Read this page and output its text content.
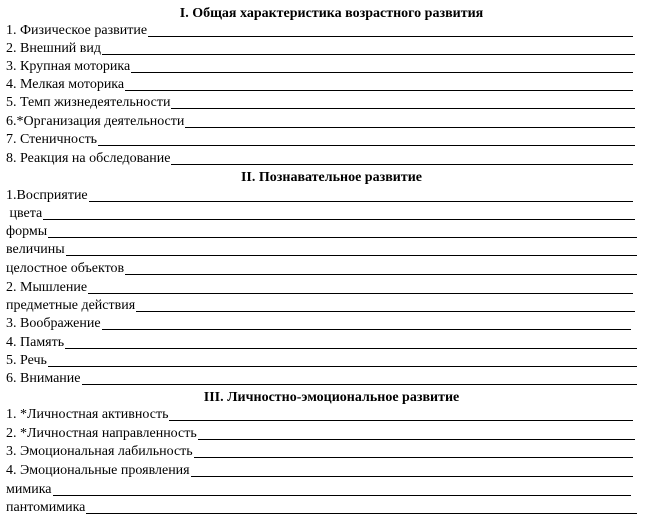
I. Общая характеристика возрастного развития
1. Физическое развитие
2. Внешний вид
3. Крупная моторика
4. Мелкая моторика
5. Темп жизнедеятельности
6.*Организация деятельности
7. Стеничность
8. Реакция на обследование
II. Познавательное развитие
1.Восприятие
цвета
формы
величины
целостное объектов
2. Мышление
предметные действия
3. Воображение
4. Память
5. Речь
6. Внимание
III. Личностно-эмоциональное развитие
1. *Личностная активность
2. *Личностная направленность
3. Эмоциональная лабильность
4. Эмоциональные проявления
мимика
пантомимика
